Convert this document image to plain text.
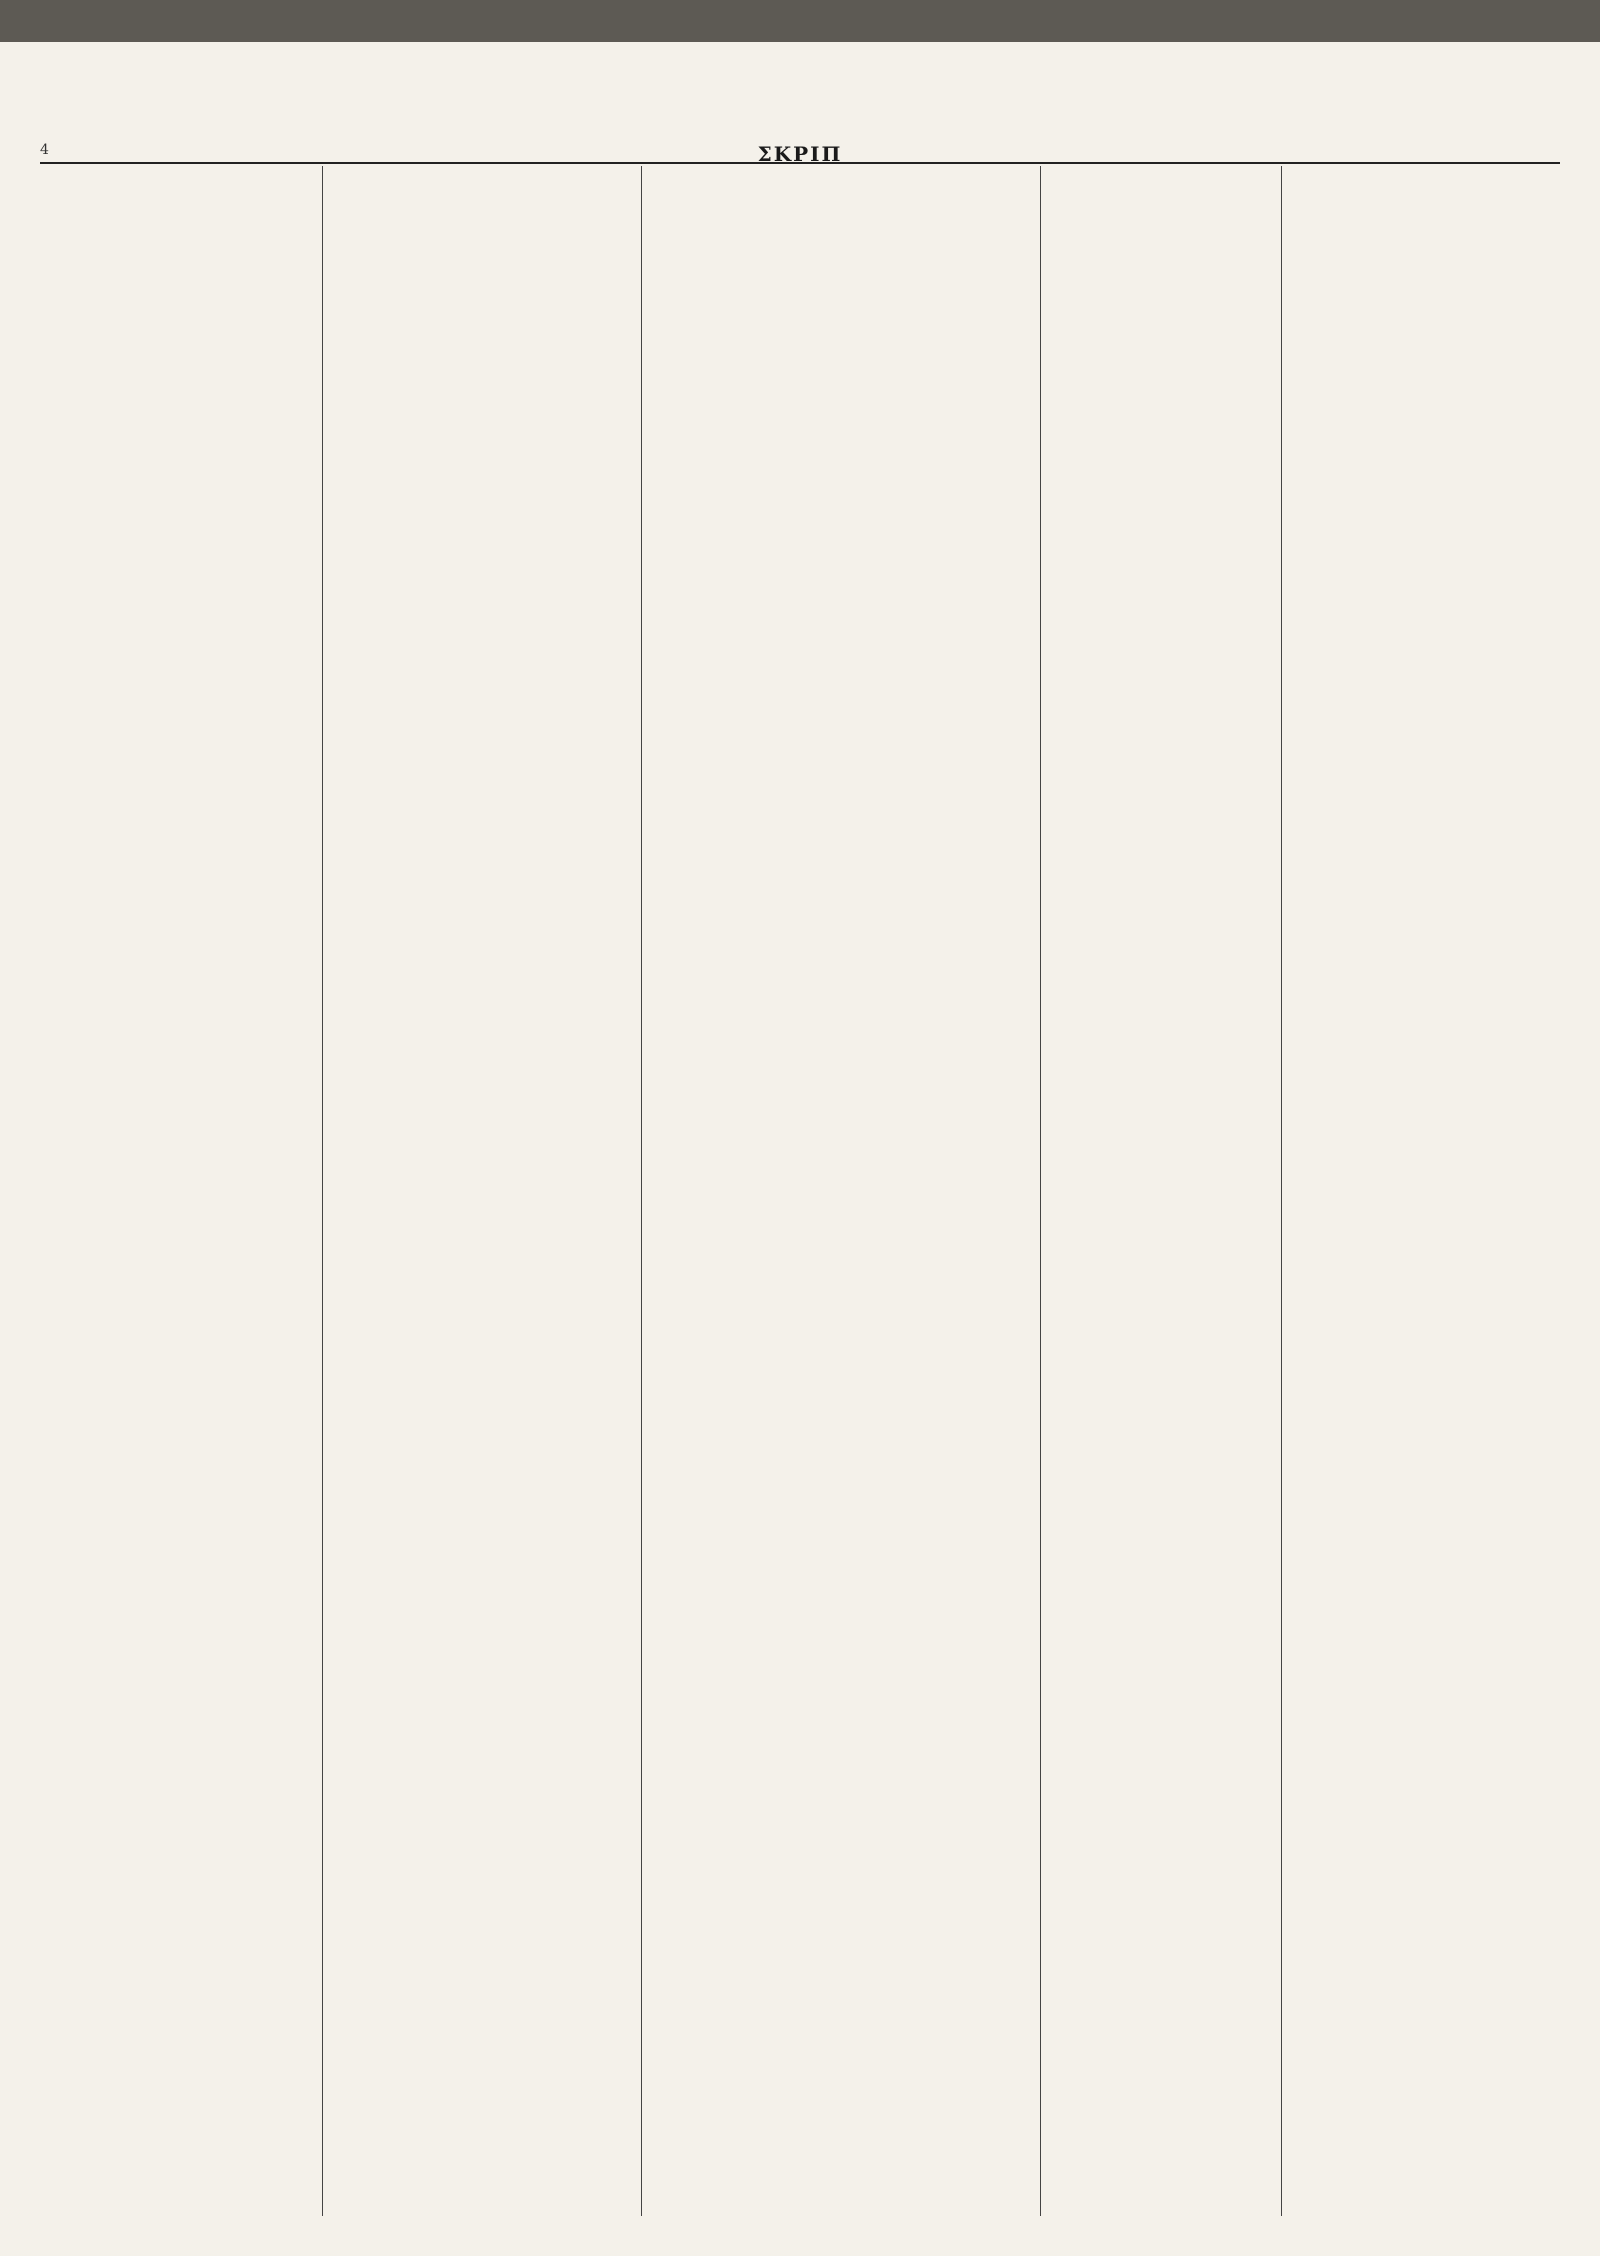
4	ΣΚΡΙΠ
